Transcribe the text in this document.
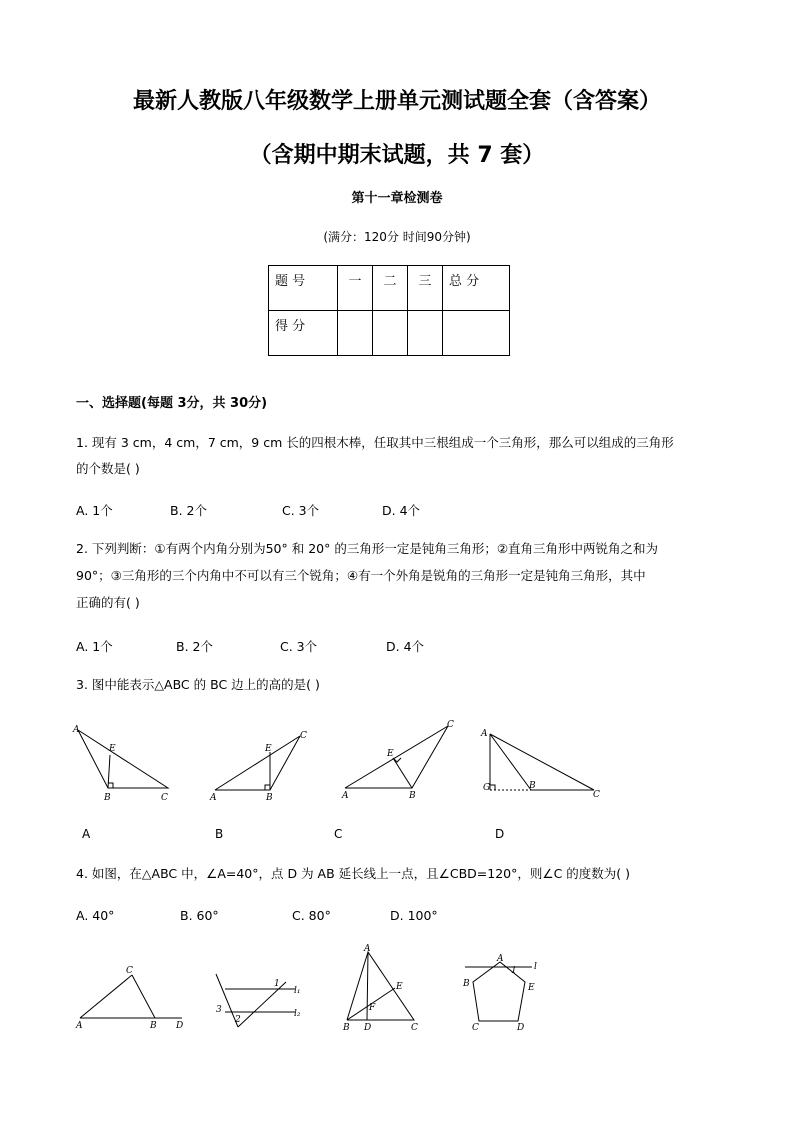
最新人教版八年级数学上册单元测试题全套（含答案）
（含期中期末试题，共 7 套）
第十一章检测卷
(满分：120分 时间90分钟)
题 号	一	二	三	总 分
得 分				
一、选择题(每题 3分，共 30分)
1. 现有 3 cm，4 cm，7 cm，9 cm 长的四根木棒，任取其中三根组成一个三角形，那么可以组成的三角形
的个数是( )
A. 1个	B. 2个	C. 3个	D. 4个
2. 下列判断：①有两个内角分别为50° 和 20° 的三角形一定是钝角三角形；②直角三角形中两锐角之和为
90°；③三角形的三个内角中不可以有三个锐角；④有一个外角是锐角的三角形一定是钝角三角形，其中
正确的有( )
A. 1个	B. 2个	C. 3个	D. 4个
3. 图中能表示△ABC 的 BC 边上的高的是( )
A
E
B	C	A
E
B
C
A
E
B
C
A
G	B
C
A	B	C	D
4. 如图，在△ABC 中，∠A=40°，点 D 为 AB 延长线上一点，且∠CBD=120°，则∠C 的度数为( )
A. 40°	B. 60°	C. 80°	D. 100°
A
C
B D
1
l₁
3	l₂
2
A
E
F
B D	C
A
1 l
B	E
C	D
